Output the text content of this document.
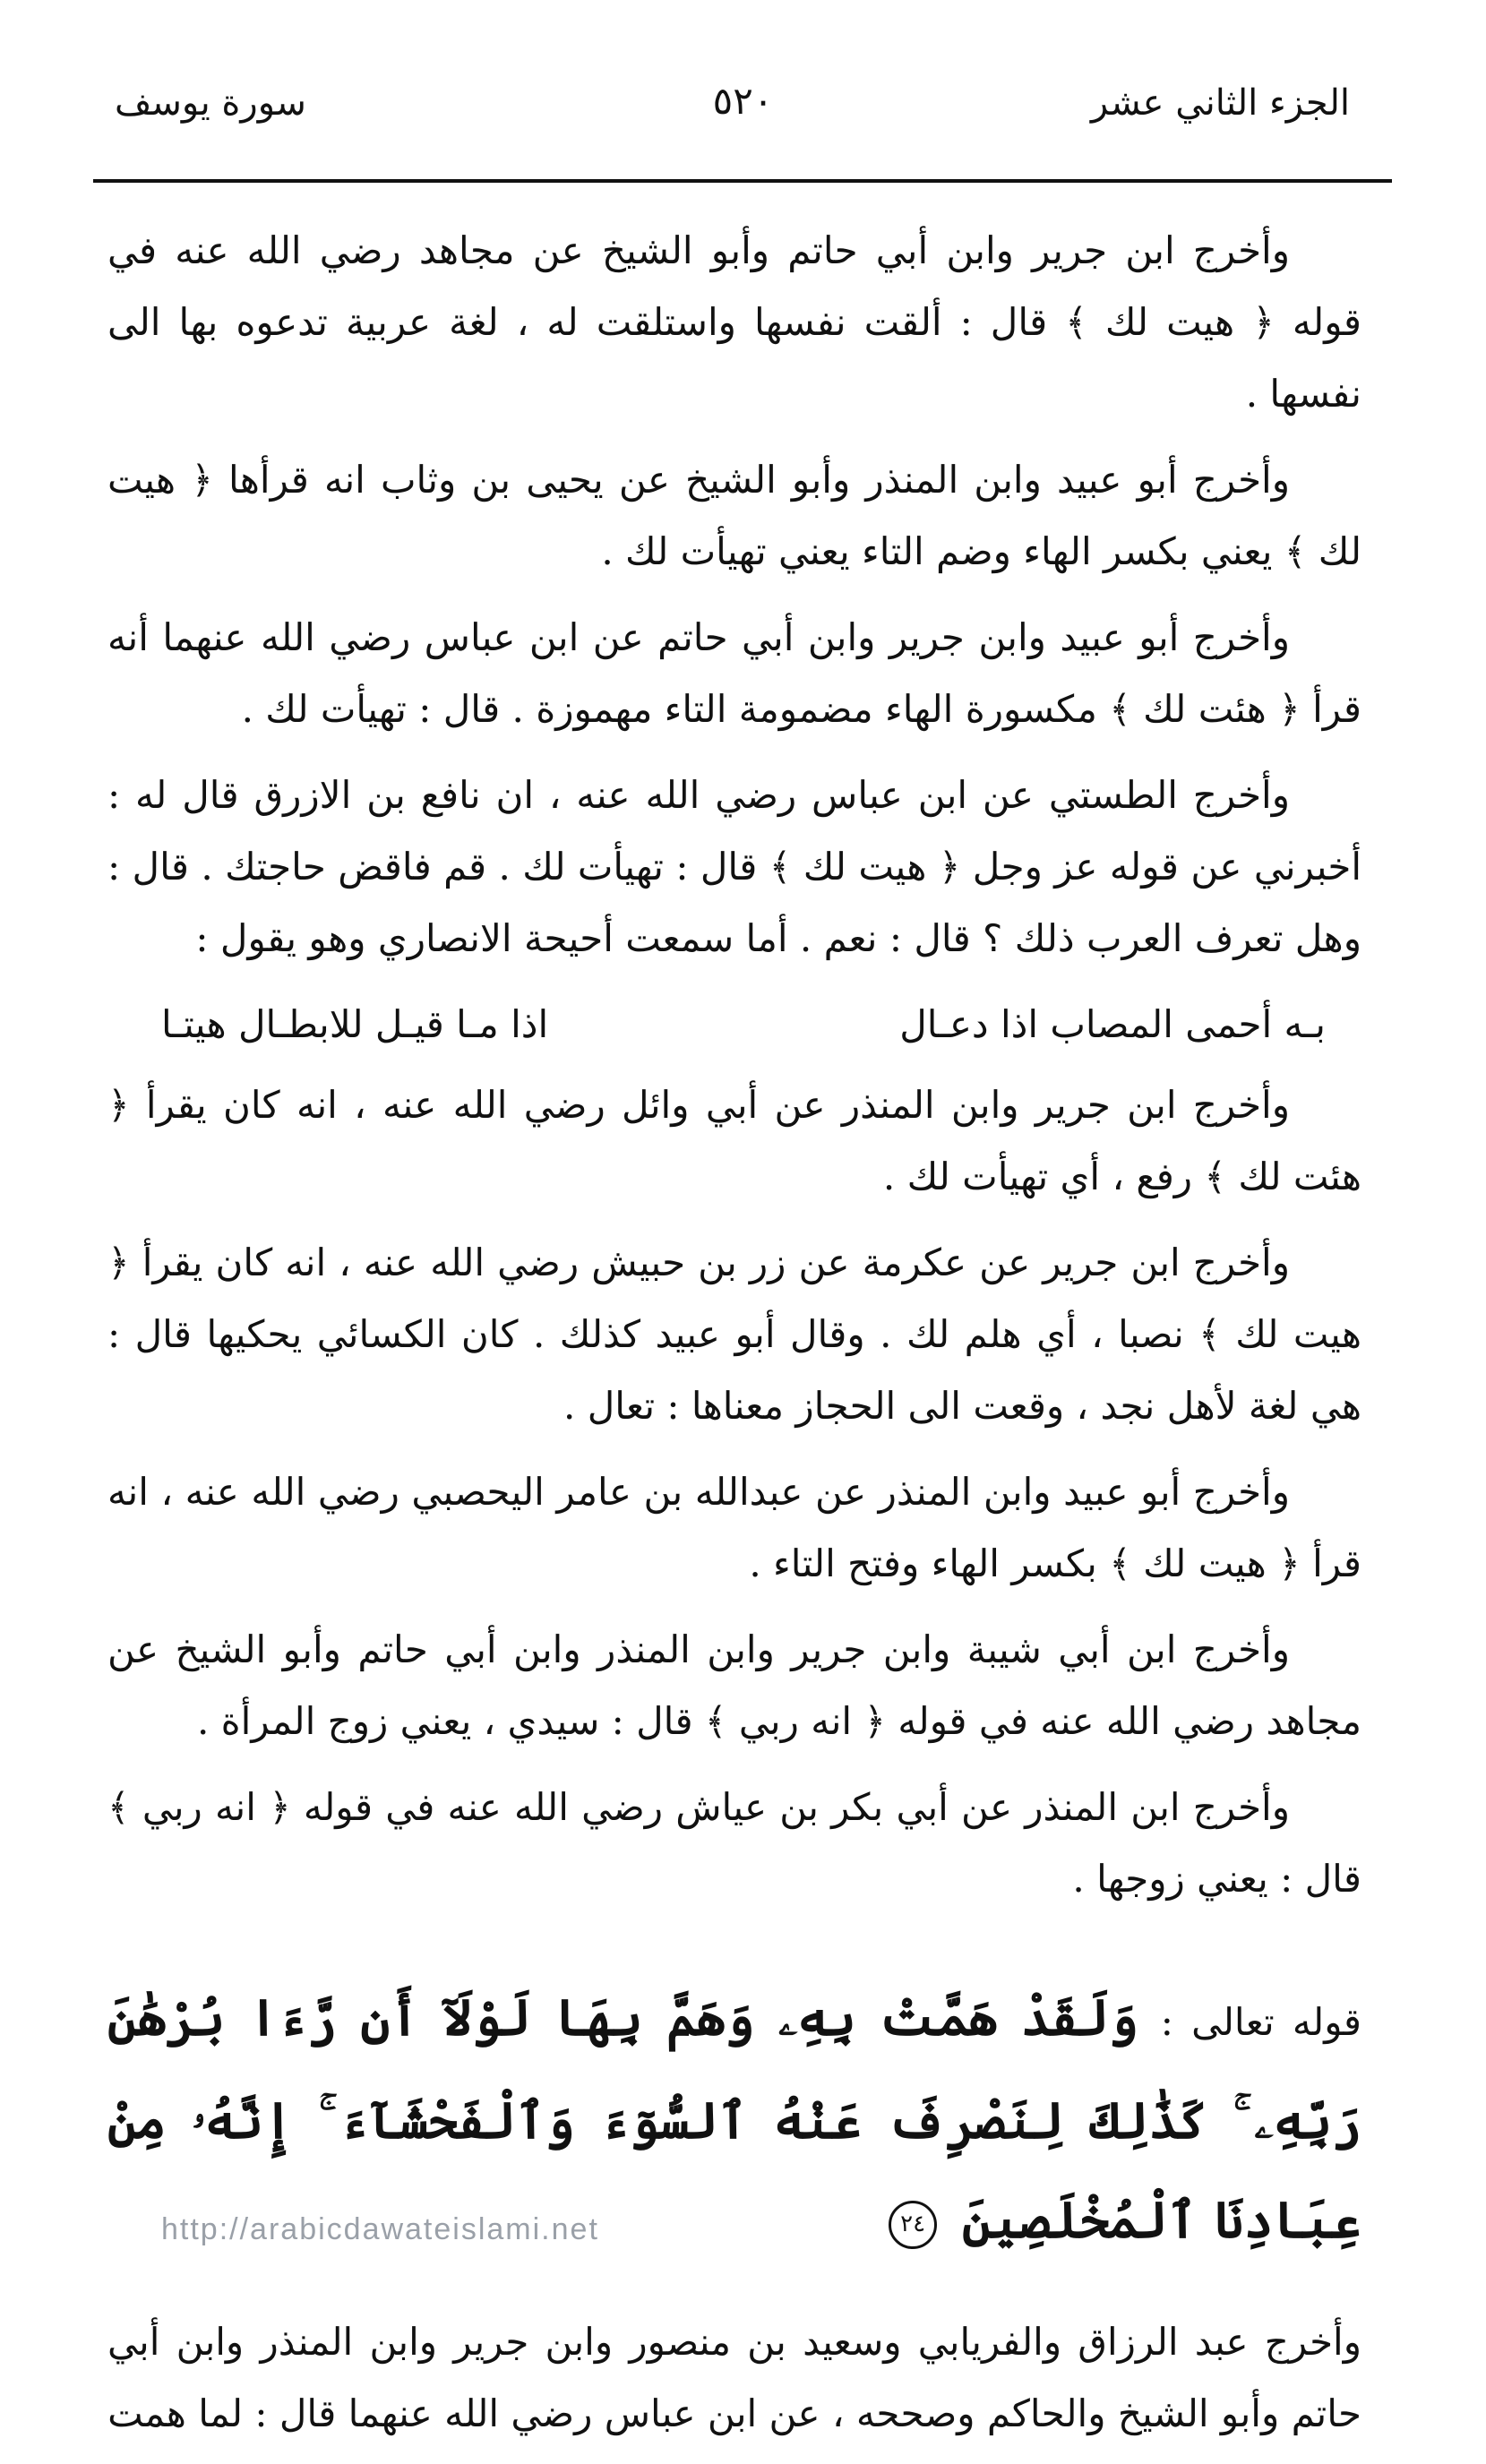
الجزء الثاني عشر
٥٢٠
سورة يوسف

وأخرج ابن جرير وابن أبي حاتم وأبو الشيخ عن مجاهد رضي الله عنه في قوله ﴿ هيت لك ﴾ قال : ألقت نفسها واستلقت له ، لغة عربية تدعوه بها الى نفسها .

وأخرج أبو عبيد وابن المنذر وأبو الشيخ عن يحيى بن وثاب انه قرأها ﴿ هيت لك ﴾ يعني بكسر الهاء وضم التاء يعني تهيأت لك .

وأخرج أبو عبيد وابن جرير وابن أبي حاتم عن ابن عباس رضي الله عنهما أنه قرأ ﴿ هئت لك ﴾ مكسورة الهاء مضمومة التاء مهموزة . قال : تهيأت لك .

وأخرج الطستي عن ابن عباس رضي الله عنه ، ان نافع بن الازرق قال له : أخبرني عن قوله عز وجل ﴿ هيت لك ﴾ قال : تهيأت لك . قم فاقض حاجتك . قال : وهل تعرف العرب ذلك ؟ قال : نعم . أما سمعت أحيحة الانصاري وهو يقول :

بـه أحمى المصاب اذا دعـال
اذا مـا قيـل للابطـال هيتـا

وأخرج ابن جرير وابن المنذر عن أبي وائل رضي الله عنه ، انه كان يقرأ ﴿ هئت لك ﴾ رفع ، أي تهيأت لك .

وأخرج ابن جرير عن عكرمة عن زر بن حبيش رضي الله عنه ، انه كان يقرأ ﴿ هيت لك ﴾ نصبا ، أي هلم لك . وقال أبو عبيد كذلك . كان الكسائي يحكيها قال : هي لغة لأهل نجد ، وقعت الى الحجاز معناها : تعال .

وأخرج أبو عبيد وابن المنذر عن عبدالله بن عامر اليحصبي رضي الله عنه ، انه قرأ ﴿ هيت لك ﴾ بكسر الهاء وفتح التاء .

وأخرج ابن أبي شيبة وابن جرير وابن المنذر وابن أبي حاتم وأبو الشيخ عن مجاهد رضي الله عنه في قوله ﴿ انه ربي ﴾ قال : سيدي ، يعني زوج المرأة .

وأخرج ابن المنذر عن أبي بكر بن عياش رضي الله عنه في قوله ﴿ انه ربي ﴾ قال : يعني زوجها .

قوله تعالى : وَلَقَدْ هَمَّتْ بِهِۦ وَهَمَّ بِهَا لَوْلَآ أَن رَّءَا بُرْهَٰنَ رَبِّهِۦ ۚ كَذَٰلِكَ لِنَصْرِفَ عَنْهُ ٱلسُّوٓءَ وَٱلْفَحْشَآءَ ۚ إِنَّهُۥ مِنْ عِبَادِنَا ٱلْمُخْلَصِينَ ٢٤

وأخرج عبد الرزاق والفريابي وسعيد بن منصور وابن جرير وابن المنذر وابن أبي حاتم وأبو الشيخ والحاكم وصححه ، عن ابن عباس رضي الله عنهما قال : لما همت

http://arabicdawateislami.net
